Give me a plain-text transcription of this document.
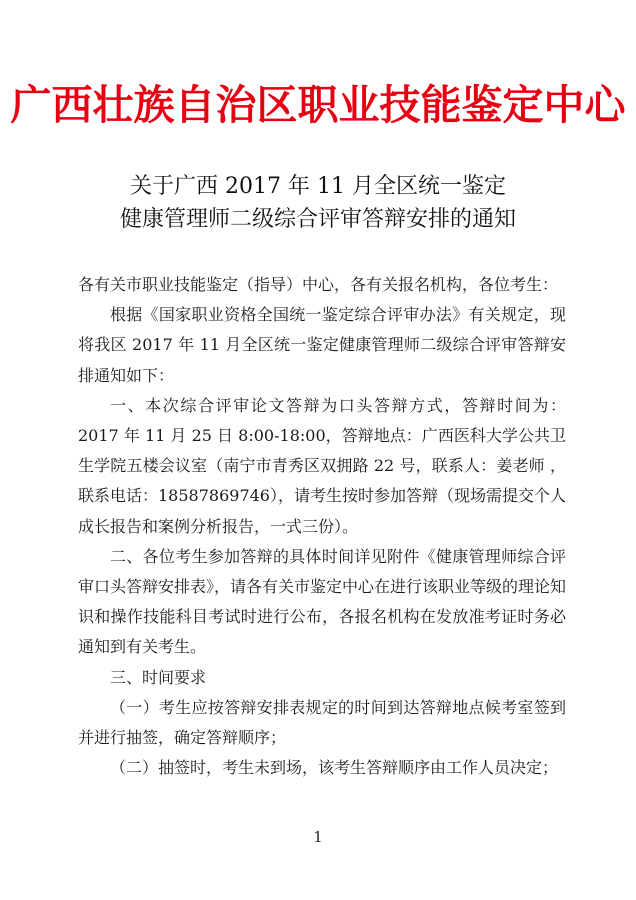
广西壮族自治区职业技能鉴定中心
关于广西 2017 年 11 月全区统一鉴定
健康管理师二级综合评审答辩安排的通知

各有关市职业技能鉴定（指导）中心，各有关报名机构，各位考生：

根据《国家职业资格全国统一鉴定综合评审办法》有关规定，现将我区 2017 年 11 月全区统一鉴定健康管理师二级综合评审答辩安排通知如下：

一、本次综合评审论文答辩为口头答辩方式，答辩时间为：2017 年 11 月 25 日 8:00-18:00，答辩地点：广西医科大学公共卫生学院五楼会议室（南宁市青秀区双拥路 22 号，联系人：姜老师 ，联系电话：18587869746），请考生按时参加答辩（现场需提交个人成长报告和案例分析报告，一式三份）。

二、各位考生参加答辩的具体时间详见附件《健康管理师综合评审口头答辩安排表》，请各有关市鉴定中心在进行该职业等级的理论知识和操作技能科目考试时进行公布，各报名机构在发放准考证时务必通知到有关考生。

三、时间要求

（一）考生应按答辩安排表规定的时间到达答辩地点候考室签到并进行抽签，确定答辩顺序；

（二）抽签时，考生未到场，该考生答辩顺序由工作人员决定；

1
